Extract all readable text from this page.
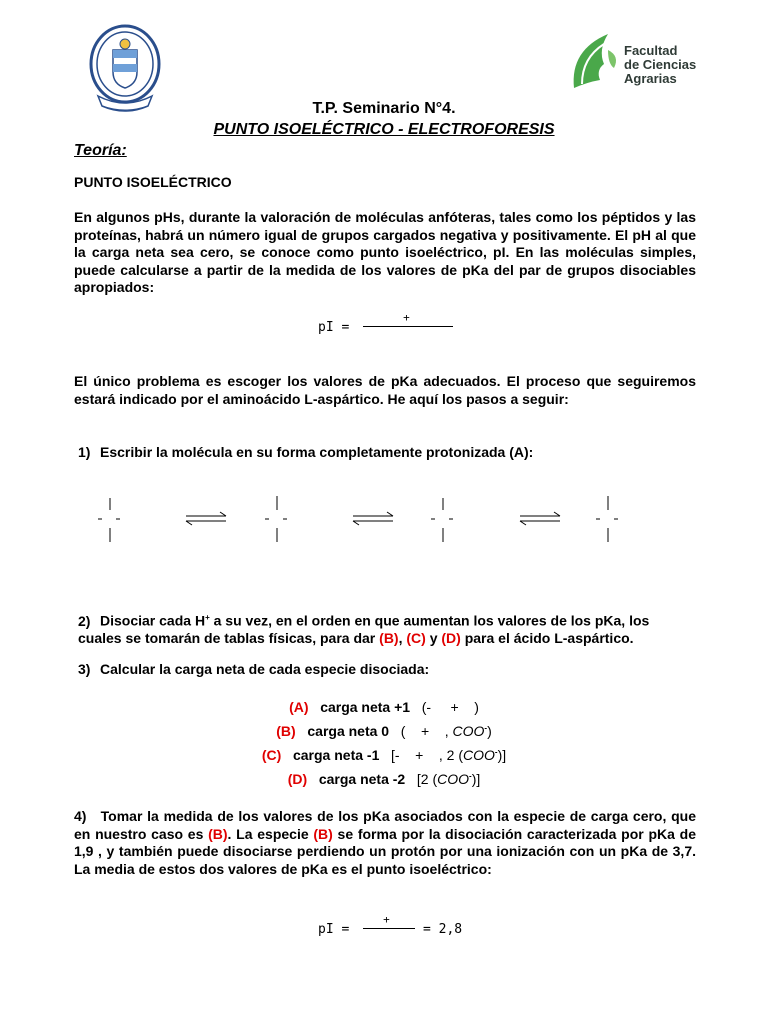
Facultad
de Ciencias
Agrarias
T.P. Seminario N°4.
PUNTO ISOELÉCTRICO - ELECTROFORESIS
Teoría:
PUNTO ISOELÉCTRICO
En algunos pHs, durante la valoración de moléculas anfóteras, tales como los péptidos y las proteínas, habrá un número igual de grupos cargados negativa y positivamente. El pH al que la carga neta sea cero, se conoce como punto isoeléctrico, pI. En las moléculas simples, puede calcularse a partir de la medida de los valores de pKa del par de grupos disociables apropiados:
pI =
+
El único problema es escoger los valores de pKa adecuados. El proceso que seguiremos estará indicado por el aminoácido L-aspártico. He aquí los pasos a seguir:
1) Escribir la molécula en su forma completamente protonizada (A):
2) Disociar cada H+ a su vez, en el orden en que aumentan los valores de los pKa, los cuales se tomarán de tablas físicas, para dar (B), (C) y (D) para el ácido L-aspártico.
3) Calcular la carga neta de cada especie disociada:
(A) carga neta +1 (-     +    )
(B) carga neta 0 (    +    , COO-)
(C) carga neta -1 [-    +    , 2 (COO-)]
(D) carga neta -2 [2 (COO-)]
4) Tomar la medida de los valores de los pKa asociados con la especie de carga cero, que en nuestro caso es (B). La especie (B) se forma por la disociación caracterizada por pKa de 1,9 , y también puede disociarse perdiendo un protón por una ionización con un pKa de 3,7. La media de estos dos valores de pKa es el punto isoeléctrico:
pI =
+
= 2,8
